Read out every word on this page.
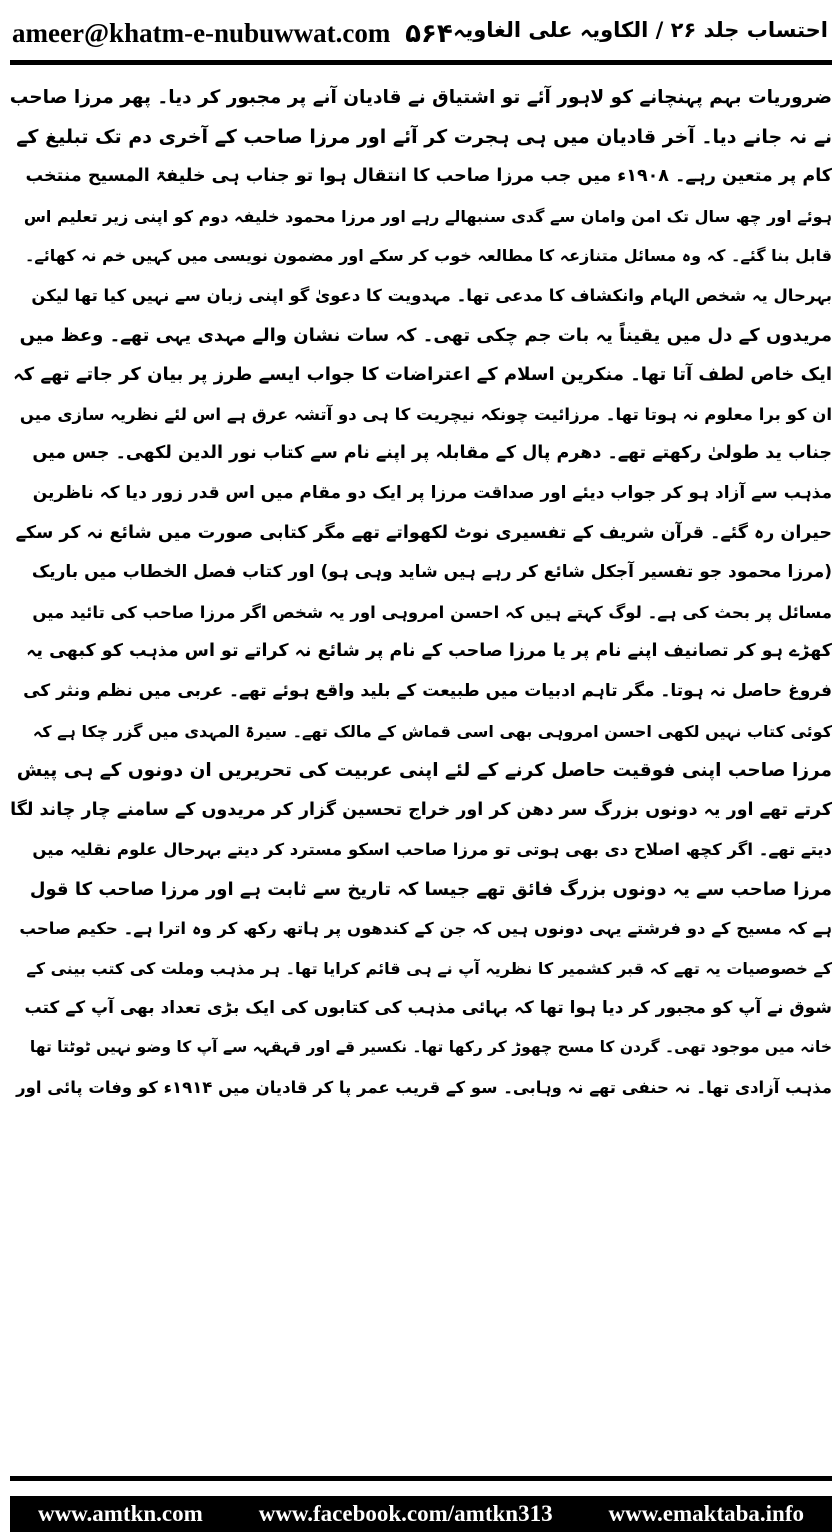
ameer@khatm-e-nubuwwat.com ۵۶۴ احتساب جلد ۲۶ / الکاویہ علی الغاویہ
ضروریات بہم پہنچانے کو لاہور آئے تو اشتیاق نے قادیان آنے پر مجبور کر دیا۔ پھر مرزا صاحب
نے نہ جانے دیا۔ آخر قادیان میں ہی ہجرت کر آئے اور مرزا صاحب کے آخری دم تک تبلیغ کے
کام پر متعین رہے۔ ۱۹۰۸ء میں جب مرزا صاحب کا انتقال ہوا تو جناب ہی خلیفۃ المسیح منتخب
ہوئے اور چھ سال تک امن وامان سے گدی سنبھالے رہے اور مرزا محمود خلیفہ دوم کو اپنی زیر تعلیم اس
قابل بنا گئے۔ کہ وہ مسائل متنازعہ کا مطالعہ خوب کر سکے اور مضمون نویسی میں کہیں خم نہ کھائے۔
بہرحال یہ شخص الہام وانکشاف کا مدعی تھا۔ مہدویت کا دعویٰ گو اپنی زبان سے نہیں کیا تھا لیکن
مریدوں کے دل میں یقیناً یہ بات جم چکی تھی۔ کہ سات نشان والے مہدی یہی تھے۔ وعظ میں
ایک خاص لطف آتا تھا۔ منکرین اسلام کے اعتراضات کا جواب ایسے طرز پر بیان کر جاتے تھے کہ
ان کو برا معلوم نہ ہوتا تھا۔ مرزائیت چونکہ نیچریت کا ہی دو آتشہ عرق ہے اس لئے نظریہ سازی میں
جناب ید طولیٰ رکھتے تھے۔ دھرم پال کے مقابلہ پر اپنے نام سے کتاب نور الدین لکھی۔ جس میں
مذہب سے آزاد ہو کر جواب دیئے اور صداقت مرزا پر ایک دو مقام میں اس قدر زور دیا کہ ناظرین
حیران رہ گئے۔ قرآن شریف کے تفسیری نوٹ لکھواتے تھے مگر کتابی صورت میں شائع نہ کر سکے
(مرزا محمود جو تفسیر آجکل شائع کر رہے ہیں شاید وہی ہو) اور کتاب فصل الخطاب میں باریک
مسائل پر بحث کی ہے۔ لوگ کہتے ہیں کہ احسن امروہی اور یہ شخص اگر مرزا صاحب کی تائید میں
کھڑے ہو کر تصانیف اپنے نام پر یا مرزا صاحب کے نام پر شائع نہ کراتے تو اس مذہب کو کبھی یہ
فروغ حاصل نہ ہوتا۔ مگر تاہم ادبیات میں طبیعت کے بلید واقع ہوئے تھے۔ عربی میں نظم ونثر کی
کوئی کتاب نہیں لکھی احسن امروہی بھی اسی قماش کے مالک تھے۔ سیرۃ المہدی میں گزر چکا ہے کہ
مرزا صاحب اپنی فوقیت حاصل کرنے کے لئے اپنی عربیت کی تحریریں ان دونوں کے ہی پیش
کرتے تھے اور یہ دونوں بزرگ سر دھن کر اور خراج تحسین گزار کر مریدوں کے سامنے چار چاند لگا
دیتے تھے۔ اگر کچھ اصلاح دی بھی ہوتی تو مرزا صاحب اسکو مسترد کر دیتے بہرحال علوم نقلیہ میں
مرزا صاحب سے یہ دونوں بزرگ فائق تھے جیسا کہ تاریخ سے ثابت ہے اور مرزا صاحب کا قول
ہے کہ مسیح کے دو فرشتے یہی دونوں ہیں کہ جن کے کندھوں پر ہاتھ رکھ کر وہ اترا ہے۔ حکیم صاحب
کے خصوصیات یہ تھے کہ قبر کشمیر کا نظریہ آپ نے ہی قائم کرایا تھا۔ ہر مذہب وملت کی کتب بینی کے
شوق نے آپ کو مجبور کر دیا ہوا تھا کہ بہائی مذہب کی کتابوں کی ایک بڑی تعداد بھی آپ کے کتب
خانہ میں موجود تھی۔ گردن کا مسح چھوڑ کر رکھا تھا۔ نکسیر قے اور قہقہہ سے آپ کا وضو نہیں ٹوٹتا تھا
مذہب آزادی تھا۔ نہ حنفی تھے نہ وہابی۔ سو کے قریب عمر پا کر قادیان میں ۱۹۱۴ء کو وفات پائی اور
www.amtkn.com www.facebook.com/amtkn313 www.emaktaba.info
